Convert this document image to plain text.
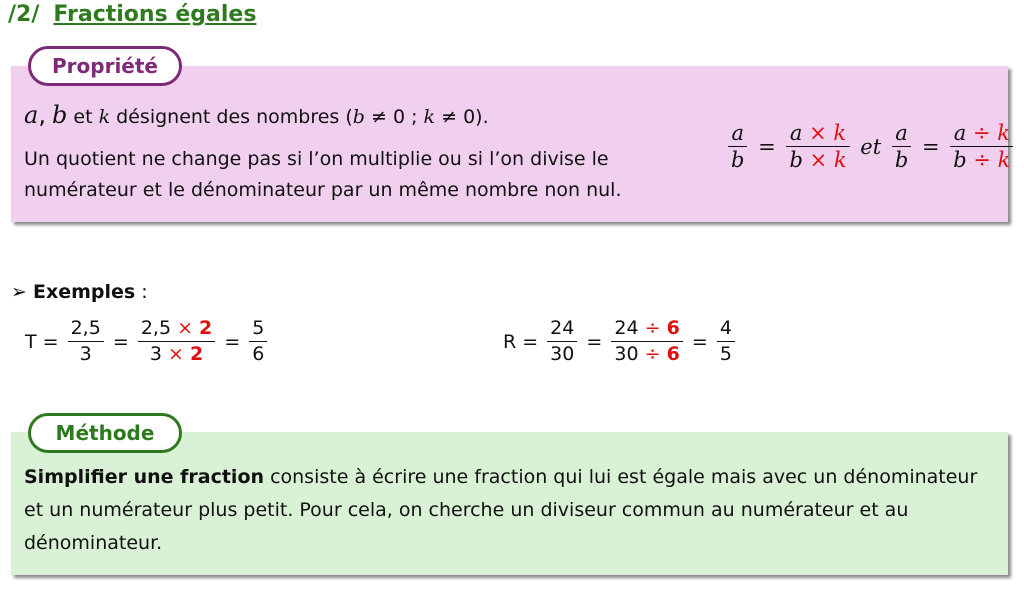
/2/ Fractions égales
Propriété
a, b et k désignent des nombres (b ≠ 0 ; k ≠ 0).
Un quotient ne change pas si l’on multiplie ou si l’on divise le numérateur et le dénominateur par un même nombre non nul.
$\frac{a}{b} = \frac{a \times k}{b \times k}$ et $\frac{a}{b} = \frac{a \div k}{b \div k}$
➢ Exemples :
$T = \frac{2,5}{3} = \frac{2,5 \times 2}{3 \times 2} = \frac{5}{6}$	$R = \frac{24}{30} = \frac{24 \div 6}{30 \div 6} = \frac{4}{5}$
Méthode
Simplifier une fraction consiste à écrire une fraction qui lui est égale mais avec un dénominateur et un numérateur plus petit. Pour cela, on cherche un diviseur commun au numérateur et au dénominateur.
